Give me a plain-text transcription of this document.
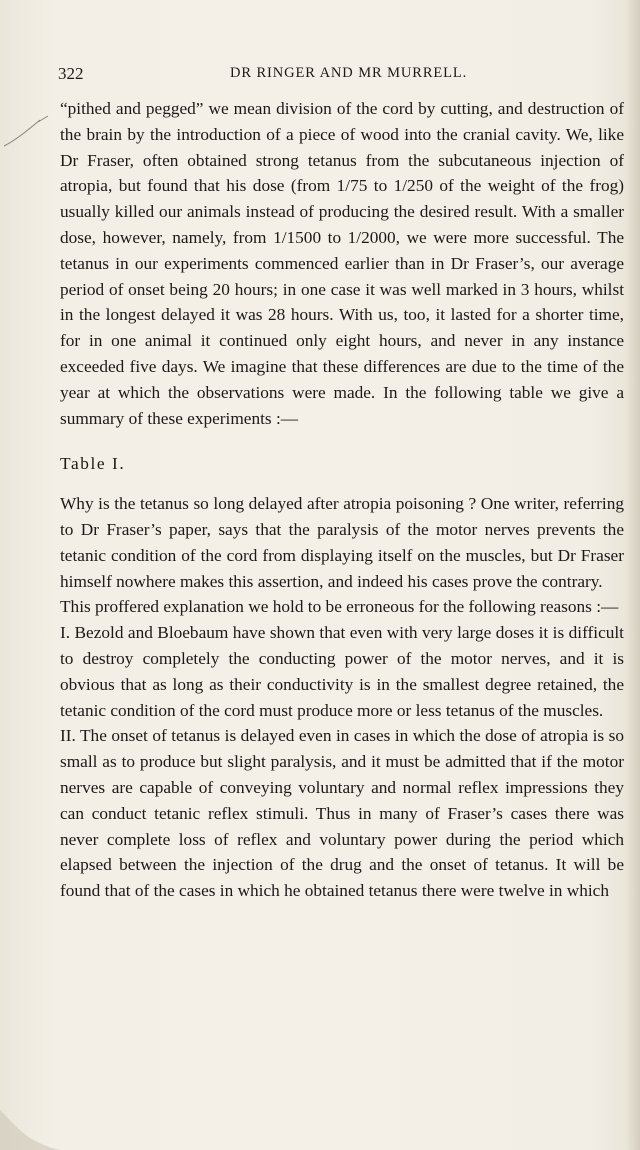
322	DR RINGER AND MR MURRELL.

“pithed and pegged” we mean division of the cord by cutting, and destruction of the brain by the introduction of a piece of wood into the cranial cavity. We, like Dr Fraser, often obtained strong tetanus from the subcutaneous injection of atropia, but found that his dose (from 1/75 to 1/250 of the weight of the frog) usually killed our animals instead of producing the desired result. With a smaller dose, however, namely, from 1/1500 to 1/2000, we were more successful. The tetanus in our experiments commenced earlier than in Dr Fraser’s, our average period of onset being 20 hours; in one case it was well marked in 3 hours, whilst in the longest delayed it was 28 hours. With us, too, it lasted for a shorter time, for in one animal it continued only eight hours, and never in any instance exceeded five days. We imagine that these differences are due to the time of the year at which the observations were made. In the following table we give a summary of these experiments :—

Table I.

Why is the tetanus so long delayed after atropia poisoning ? One writer, referring to Dr Fraser’s paper, says that the paralysis of the motor nerves prevents the tetanic condition of the cord from displaying itself on the muscles, but Dr Fraser himself nowhere makes this assertion, and indeed his cases prove the contrary.

This proffered explanation we hold to be erroneous for the following reasons :—

I. Bezold and Bloebaum have shown that even with very large doses it is difficult to destroy completely the conducting power of the motor nerves, and it is obvious that as long as their conductivity is in the smallest degree retained, the tetanic condition of the cord must produce more or less tetanus of the muscles.

II. The onset of tetanus is delayed even in cases in which the dose of atropia is so small as to produce but slight paralysis, and it must be admitted that if the motor nerves are capable of conveying voluntary and normal reflex impressions they can conduct tetanic reflex stimuli. Thus in many of Fraser’s cases there was never complete loss of reflex and voluntary power during the period which elapsed between the injection of the drug and the onset of tetanus. It will be found that of the cases in which he obtained tetanus there were twelve in which
